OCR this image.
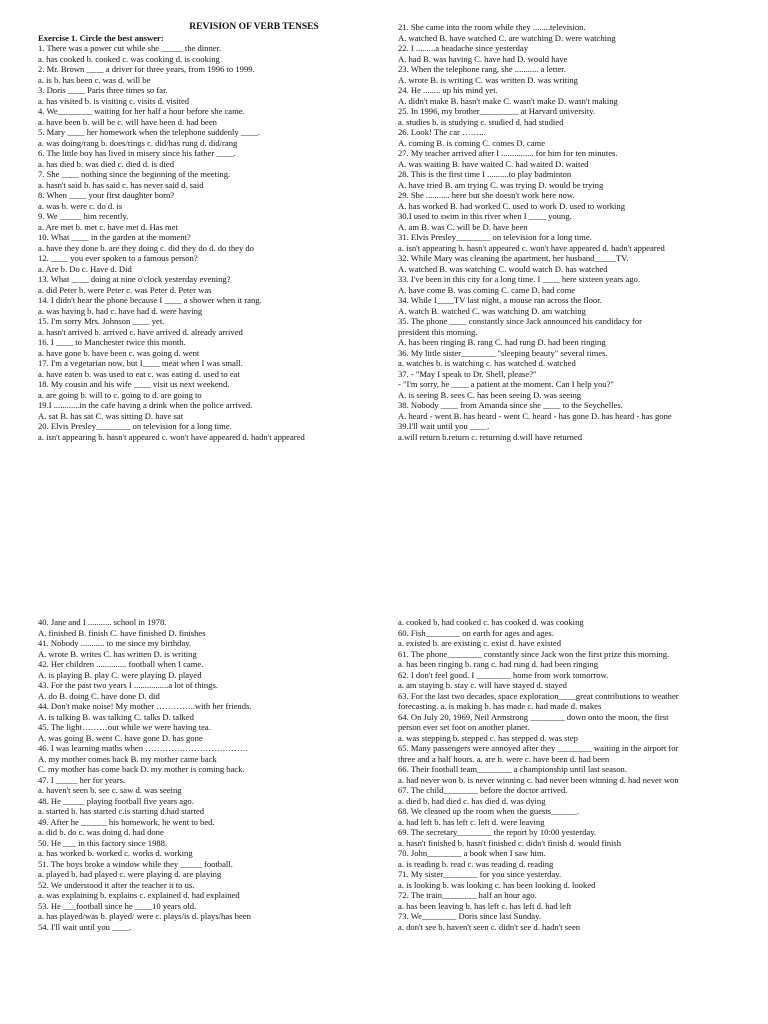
REVISION OF VERB TENSES
Exercise 1. Circle the best answer:
1. There was a power cut while she _____ the dinner.
a. has cooked b. cooked c. was cooking d. is cooking
2. Mr. Brown ____ a driver for three years, from 1996 to 1999.
a. is b. has been c. was d. will be
3. Doris ____ Paris three times so far.
a. has visited b. is visiting c. visits d. visited
4. We________ waiting for her half a hour before she came.
a. have been b. will be c. will have been d. had been
5. Mary ____ her homework when the telephone suddenly ____.
a. was doing/rang b. does/rings c. did/has rung d. did/rang
6. The little boy has lived in misery since his father ____.
a. has died b. was died c. died d. is died
7. She ____ nothing since the beginning of the meeting.
a. hasn't said b. has said c. has never said d. said
8. When ____ your first daughter born?
a. was b. were c. do d. is
9. We _____ him recently.
a. Are met b. met c. have met d. Has met
10. What ____ in the garden at the moment?
a. have they done b. are they doing c. did they do d. do they do
12. ____ you ever spoken to a famous person?
a. Are b. Do c. Have d. Did
13. What ____ doing at nine o'clock yesterday evening?
a. did Peter b. were Peter c. was Peter d. Peter was
14. I didn't hear the phone because I ____ a shower when it rang.
a. was having b. had c. have had d. were having
15. I'm sorry Mrs. Johnson ____ yet.
a. hasn't arrived b. arrived c. have arrived d. already arrived
16. I ____ to Manchester twice this month.
a. have gone b. have been c. was going d. went
17. I'm a vegetarian now, but I____ meat when I was small.
a. have eaten b. was used to eat c. was eating d. used to eat
18. My cousin and his wife ____ visit us next weekend.
a. are going b. will to c. going to d. are going to
19.I ............in the cafe having a drink when the police arrived.
A. sat B. has sat C. was sitting D. have sat
20. Elvis Presley________ on television for a long time.
a. isn't appearing b. hasn't appeared c. won't have appeared d. hadn't appeared
21. She came into the room while they ........television.
A. watched B. have watched C. are watching D. were watching
22. I .........a headache since yesterday
A. had B. was having C. have had D. would have
23. When the telephone rang, she ........... a letter.
A. wrote B. is writing C. was written D. was writing
24. He ........ up his mind yet.
A. didn't make B. hasn't make C. wasn't make D. wasn't making
25. In 1996, my brother_________ at Harvard university.
a. studies b. is studying c. studied d. had studied
26. Look! The car ……...
A. coming B. is coming C. comes D. came
27. My teacher arrived after I ............... for him for ten minutes.
A. was waiting B. have waited C. had waited D. waited
28. This is the first time I ..........to play badminton
A. have tried B. am trying C. was trying D. would be trying
29. She ........... here but she doesn't work here now.
A. has worked B. had worked C. used to work D. used to working
30.I used to swim in this river when I ____ young.
A. am B. was C. will be D. have been
31. Elvis Presley________ on television for a long time.
a. isn't appearing b. hasn't appeared c. won't have appeared d. hadn't appeared
32. While Mary was cleaning the apartment, her husband_____TV.
A. watched B. was watching C. would watch D. has watched
33. I've been in this city for a long time. I ____ here sixteen years ago.
A. have come B. was coming C. came D. had come
34. While I____TV last night, a mouse ran across the floor.
A. watch B. watched C. was watching D. am watching
35. The phone ____ constantly since Jack announced his candidacy for
president this morning.
A. has been ringing B. rang C. had rung D. had been ringing
36. My little sister________ "sleeping beauty" several times.
a. watches b. is watching c. has watched d. watched
37. - "May I speak to Dr. Shell, please?"
- "I'm sorry, he ____ a patient at the moment. Can I help you?"
A. is seeing B. sees C. has been seeing D. was seeing
38. Nobody ____ from Amanda since she ____ to the Seychelles.
A. heard - went B. has heard - went C. heard - has gone D. has heard - has gone
39.I'll wait until you ____.
a.will return b.return c. returning d.will have returned
40. Jane and I ........... school in 1978.
A. finished B. finish C. have finished D. finishes
41. Nobody ........... to me since my birthday.
A. wrote B. writes C. has written D. is writing
42. Her children .............. football when I came.
A. is playing B. play C. were playing D. played
43. For the past two years I ................a lot of things.
A. do B. doing C. have done D. did
44. Don't make noise! My mother …………..with her friends.
A. is talking B. was talking C. talks D. talked
45. The light………out while we were having tea.
A. was going B. went C. have gone D. has gone
46. I was learning maths when ………………………………
A. my mother comes back B. my mother came back
C. my mother has come back D. my mother is coming back.
47. I _____ her for years.
a. haven't seen b. see c. saw d. was seeing
48. He _____ playing football five years ago.
a. started b. has started c.is starting d.had started
49. After he ______ his homework, he went to bed.
a. did b. do c. was doing d. had done
50. He ___ in this factory since 1988.
a. has worked b. worked c. works d. working
51. The boys broke a window while they _____ football.
a. played b. had played c. were playing d. are playing
52. We understood it after the teacher it to us.
a. was explaining b. explains c. explained d. had explained
53. He ___football since he ____10 years old.
a. has played/was b. played/ were c. plays/is d. plays/has been
54. I'll wait until you ____.
a. cooked b. had cooked c. has cooked d. was cooking
60. Fish________ on earth for ages and ages.
a. existed b. are existing c. exist d. have existed
61. The phone________ constantly since Jack won the first prize this morning.
a. has been ringing b. rang c. had rung d. had been ringing
62. I don't feel good. I ________ home from work tomorrow.
a. am staying b. stay c. will have stayed d. stayed
63. For the last two decades, space exploration____great contributions to weather
forecasting. a. is making b. has made c. had made d. makes
64. On July 20, 1969, Neil Armstrong ________ down onto the moon, the first
person ever set foot on another planet.
a. was stepping b. stepped c. has stepped d. was step
65. Many passengers were annoyed after they ________ waiting in the airport for
three and a half hours. a. are b. were c. have been d. had been
66. Their football team________ a championship until last season.
a. had never won b. is never winning c. had never been winning d. had never won
67. The child________ before the doctor arrived.
a. died b. had died c. has died d. was dying
68. We cleaned up the room when the guests______.
a. had left b. has left c. left d. were leaving
69. The secretary________ the report by 10:00 yesterday.
a. hasn't finished b. hasn't finished c. didn't finish d. would finish
70. John________ a book when I saw him.
a. is reading b. read c. was reading d. reading
71. My sister________ for you since yesterday.
a. is looking b. was looking c. has been looking d. looked
72. The train________ half an hour ago.
a. has been leaving b. has left c. has left d. had left
73. We________ Doris since last Sunday.
a. don't see b. haven't seen c. didn't see d. hadn't seen
